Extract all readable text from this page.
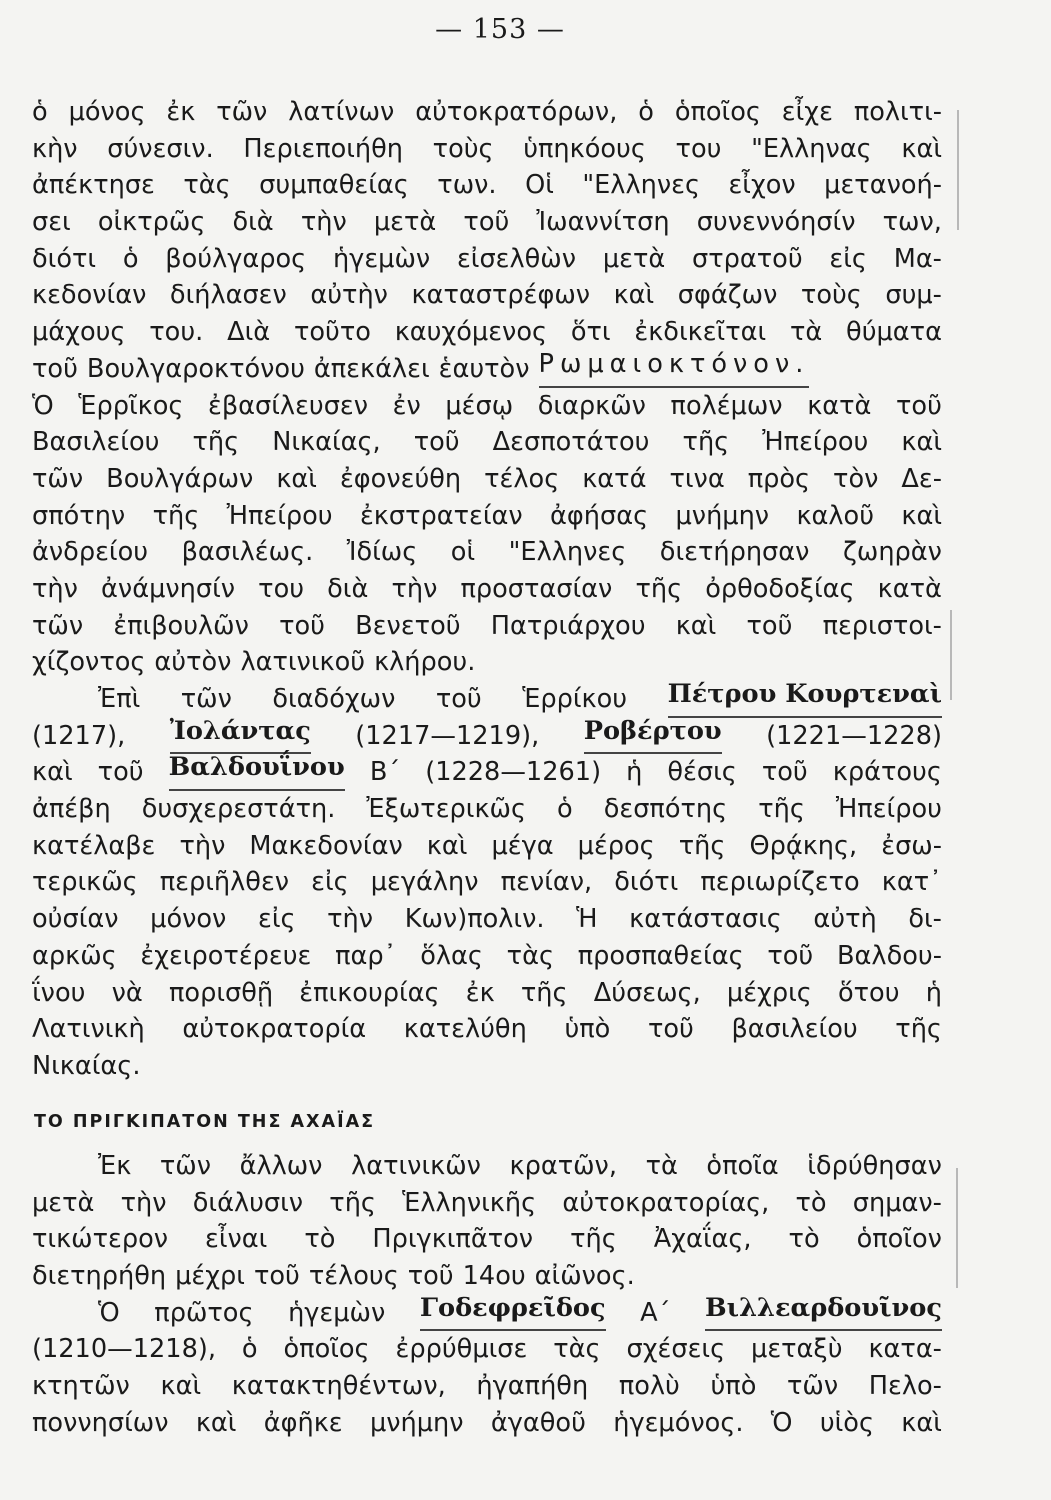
— 153 —
ὁ μόνος ἐκ τῶν λατίνων αὐτοκρατόρων, ὁ ὁποῖος εἶχε πολιτι-
κὴν σύνεσιν. Περιεποιήθη τοὺς ὑπηκόους του "Ελληνας καὶ
ἀπέκτησε τὰς συμπαθείας των. Οἱ "Ελληνες εἶχον μετανοή-
σει οἰκτρῶς διὰ τὴν μετὰ τοῦ Ἰωαννίτση συνεννόησίν των,
διότι ὁ βούλγαρος ἡγεμὼν εἰσελθὼν μετὰ στρατοῦ εἰς Μα-
κεδονίαν διήλασεν αὐτὴν καταστρέφων καὶ σφάζων τοὺς συμ-
μάχους του. Διὰ τοῦτο καυχόμενος ὅτι ἐκδικεῖται τὰ θύματα
τοῦ Βουλγαροκτόνου ἀπεκάλει ἑαυτὸν Ρωμαιοκτόνον.
Ὁ Ἑρρῖκος ἐβασίλευσεν ἐν μέσῳ διαρκῶν πολέμων κατὰ τοῦ
Βασιλείου τῆς Νικαίας, τοῦ Δεσποτάτου τῆς Ἠπείρου καὶ
τῶν Βουλγάρων καὶ ἐφονεύθη τέλος κατά τινα πρὸς τὸν Δε-
σπότην τῆς Ἠπείρου ἐκστρατείαν ἀφήσας μνήμην καλοῦ καὶ
ἀνδρείου βασιλέως. Ἰδίως οἱ "Ελληνες διετήρησαν ζωηρὰν
τὴν ἀνάμνησίν του διὰ τὴν προστασίαν τῆς ὀρθοδοξίας κατὰ
τῶν ἐπιβουλῶν τοῦ Βενετοῦ Πατριάρχου καὶ τοῦ περιστοι-
χίζοντος αὐτὸν λατινικοῦ κλήρου.
Ἐπὶ τῶν διαδόχων τοῦ Ἑρρίκου Πέτρου Κουρτεναὶ
(1217), Ἰολάντας (1217—1219), Ροβέρτου (1221—1228)
καὶ τοῦ Βαλδουΐνου Β΄ (1228—1261) ἡ θέσις τοῦ κράτους
ἀπέβη δυσχερεστάτη. Ἐξωτερικῶς ὁ δεσπότης τῆς Ἠπείρου
κατέλαβε τὴν Μακεδονίαν καὶ μέγα μέρος τῆς Θρᾴκης, ἐσω-
τερικῶς περιῆλθεν εἰς μεγάλην πενίαν, διότι περιωρίζετο κατ᾿
οὐσίαν μόνον εἰς τὴν Κων)πολιν. Ἡ κατάστασις αὐτὴ δι-
αρκῶς ἐχειροτέρευε παρ᾿ ὅλας τὰς προσπαθείας τοῦ Βαλδου-
ΐνου νὰ πορισθῇ ἐπικουρίας ἐκ τῆς Δύσεως, μέχρις ὅτου ἡ
Λατινικὴ αὐτοκρατορία κατελύθη ὑπὸ τοῦ βασιλείου τῆς
Νικαίας.
ΤΟ ΠΡΙΓΚΙΠΑΤΟΝ ΤΗΣ ΑΧΑΪΑΣ
Ἐκ τῶν ἄλλων λατινικῶν κρατῶν, τὰ ὁποῖα ἱδρύθησαν
μετὰ τὴν διάλυσιν τῆς Ἑλληνικῆς αὐτοκρατορίας, τὸ σημαν-
τικώτερον εἶναι τὸ Πριγκιπᾶτον τῆς Ἀχαΐας, τὸ ὁποῖον
διετηρήθη μέχρι τοῦ τέλους τοῦ 14ου αἰῶνος.
Ὁ πρῶτος ἡγεμὼν Γοδεφρεῖδος Α΄ Βιλλεαρδουῖνος
(1210—1218), ὁ ὁποῖος ἐρρύθμισε τὰς σχέσεις μεταξὺ κατα-
κτητῶν καὶ κατακτηθέντων, ἠγαπήθη πολὺ ὑπὸ τῶν Πελο-
ποννησίων καὶ ἀφῆκε μνήμην ἀγαθοῦ ἡγεμόνος. Ὁ υἱὸς καὶ
